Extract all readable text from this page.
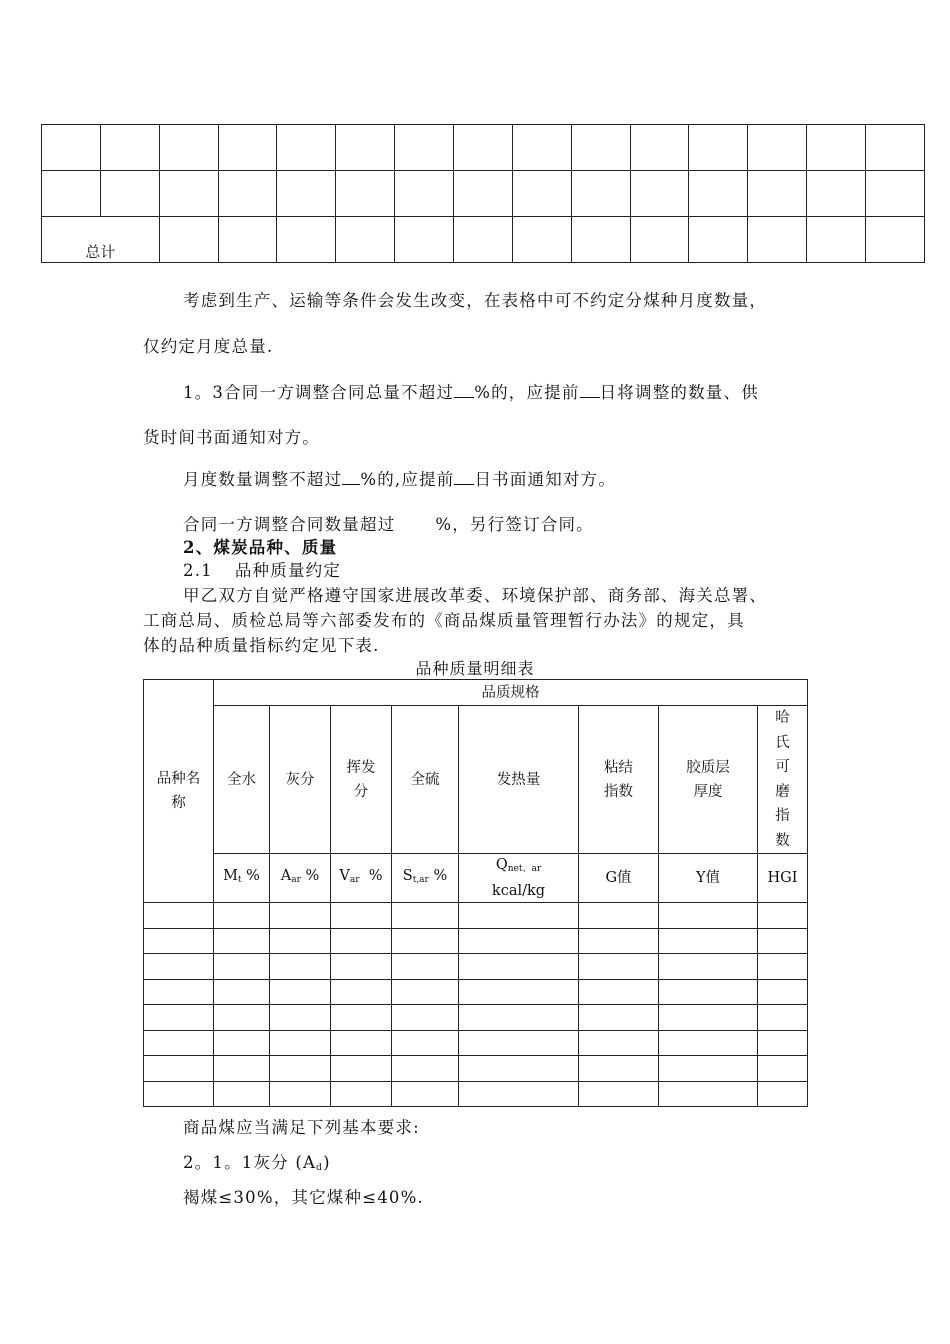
总计														
考虑到生产、运输等条件会发生改变，在表格中可不约定分煤种月度数量，
仅约定月度总量.
1。3合同一方调整合同总量不超过 %的，应提前 日将调整的数量、供
货时间书面通知对方。
月度数量调整不超过 %的,应提前 日书面通知对方。
合同一方调整合同数量超过 %，另行签订合同。
2、煤炭品种、质量
2.1 品种质量约定
甲乙双方自觉严格遵守国家进展改革委、环境保护部、商务部、海关总署、
工商总局、质检总局等六部委发布的《商品煤质量管理暂行办法》的规定，具
体的品种质量指标约定见下表.
品种质量明细表
品种名称	品质规格							
	全水	灰分	挥发分	全硫	发热量	粘结指数	胶质层厚度	哈氏可磨指数

	$M_t$ %	$A_{ar}$ %	$V_{ar}$ %	$S_{t,ar}$ %	$Q_{net、ar}$
kcal/kg	G值	Y值	HGI

商品煤应当满足下列基本要求:
2。1。1灰分 $(A_d)$
褐煤≤30%，其它煤种≤40%.
